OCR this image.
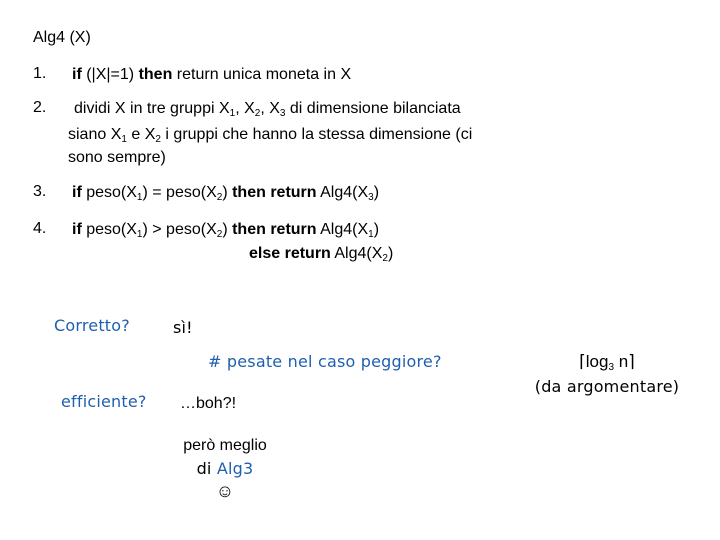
Alg4 (X)
1. if (|X|=1) then return unica moneta in X
2. dividi X in tre gruppi $X_1$, $X_2$, $X_3$ di dimensione bilanciata
siano $X_1$ e $X_2$ i gruppi che hanno la stessa dimensione (ci
sono sempre)
3. if $peso(X_1)$ = $peso(X_2)$ then return $Alg4(X_3)$
4. if $peso(X_1)$ > $peso(X_2)$ then return $Alg4(X_1)$
else return $Alg4(X_2)$
Corretto?	sì!
# pesate nel caso peggiore?
efficiente? …boh?!
però meglio
di Alg3
☺
$⌈\log_3$ n⌉
(da argomentare)
